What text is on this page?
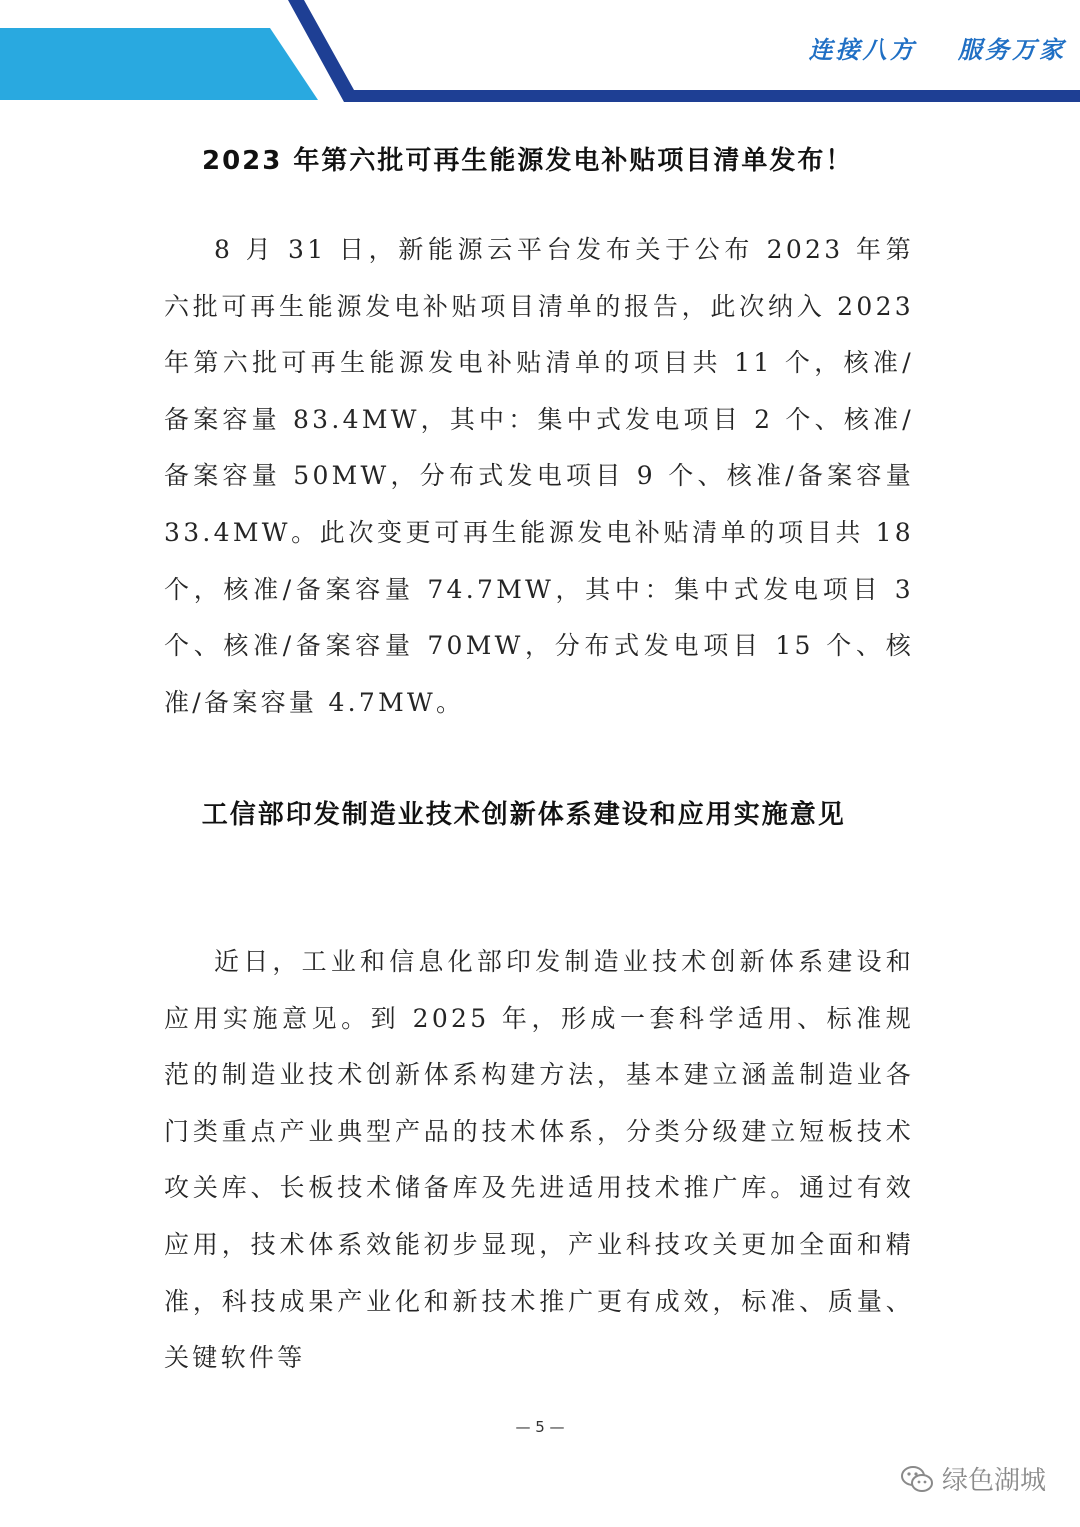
连接八方 服务万家
2023 年第六批可再生能源发电补贴项目清单发布！

8 月 31 日，新能源云平台发布关于公布 2023 年第六批可再生能源发电补贴项目清单的报告，此次纳入 2023 年第六批可再生能源发电补贴清单的项目共 11 个，核准/备案容量 83.4MW，其中：集中式发电项目 2 个、核准/备案容量 50MW，分布式发电项目 9 个、核准/备案容量 33.4MW。此次变更可再生能源发电补贴清单的项目共 18 个，核准/备案容量 74.7MW，其中：集中式发电项目 3 个、核准/备案容量 70MW，分布式发电项目 15 个、核准/备案容量 4.7MW。

工信部印发制造业技术创新体系建设和应用实施意见

近日，工业和信息化部印发制造业技术创新体系建设和应用实施意见。到 2025 年，形成一套科学适用、标准规范的制造业技术创新体系构建方法，基本建立涵盖制造业各门类重点产业典型产品的技术体系，分类分级建立短板技术攻关库、长板技术储备库及先进适用技术推广库。通过有效应用，技术体系效能初步显现，产业科技攻关更加全面和精准，科技成果产业化和新技术推广更有成效，标准、质量、关键软件等

— 5 —
绿色湖城
